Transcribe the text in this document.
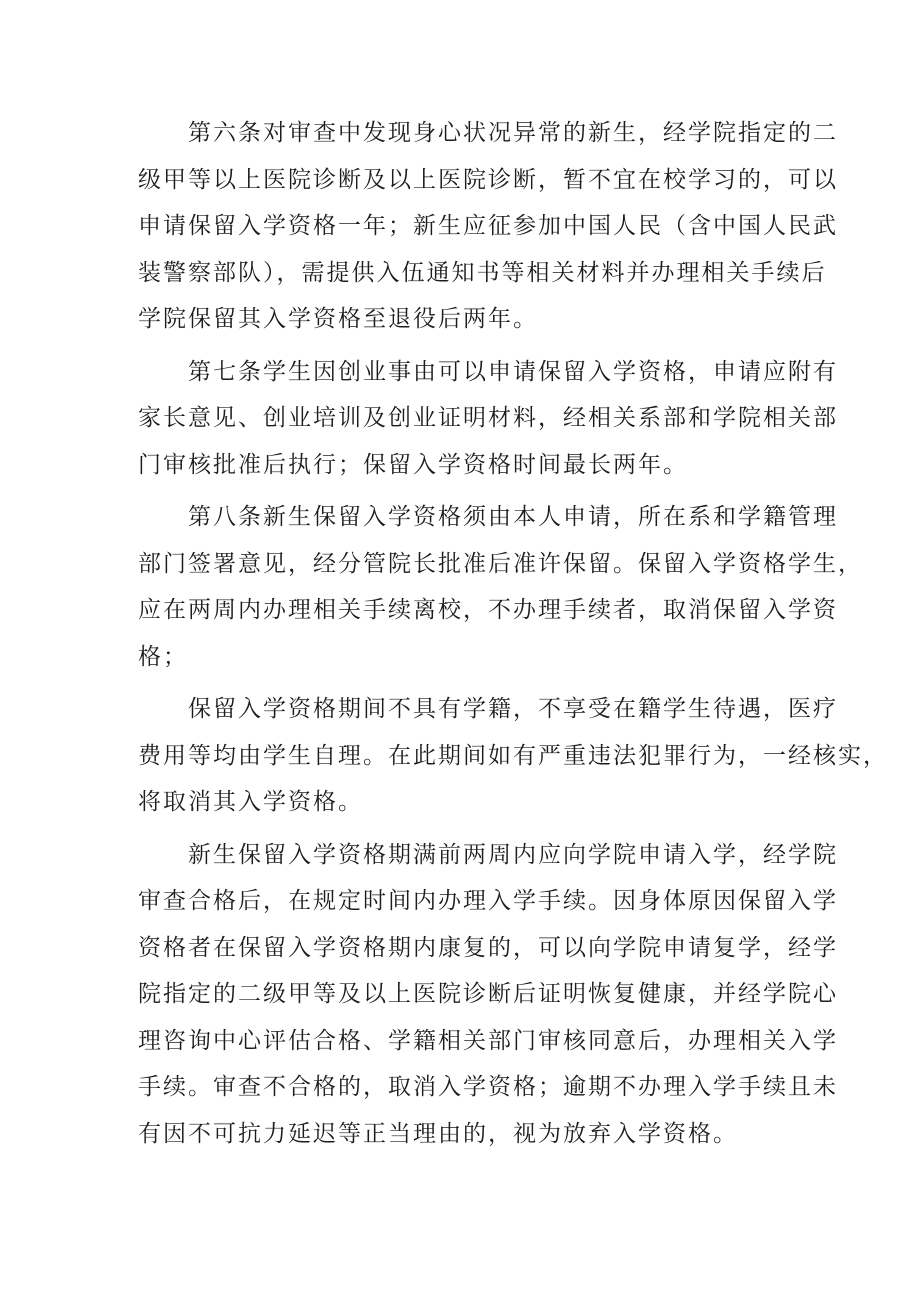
第六条对审查中发现身心状况异常的新生，经学院指定的二
级甲等以上医院诊断及以上医院诊断，暂不宜在校学习的，可以
申请保留入学资格一年；新生应征参加中国人民（含中国人民武
装警察部队），需提供入伍通知书等相关材料并办理相关手续后
学院保留其入学资格至退役后两年。
第七条学生因创业事由可以申请保留入学资格，申请应附有
家长意见、创业培训及创业证明材料，经相关系部和学院相关部
门审核批准后执行；保留入学资格时间最长两年。
第八条新生保留入学资格须由本人申请，所在系和学籍管理
部门签署意见，经分管院长批准后准许保留。保留入学资格学生，
应在两周内办理相关手续离校，不办理手续者，取消保留入学资
格；
保留入学资格期间不具有学籍，不享受在籍学生待遇，医疗
费用等均由学生自理。在此期间如有严重违法犯罪行为，一经核实，
将取消其入学资格。
新生保留入学资格期满前两周内应向学院申请入学，经学院
审查合格后，在规定时间内办理入学手续。因身体原因保留入学
资格者在保留入学资格期内康复的，可以向学院申请复学，经学
院指定的二级甲等及以上医院诊断后证明恢复健康，并经学院心
理咨询中心评估合格、学籍相关部门审核同意后，办理相关入学
手续。审查不合格的，取消入学资格；逾期不办理入学手续且未
有因不可抗力延迟等正当理由的，视为放弃入学资格。
